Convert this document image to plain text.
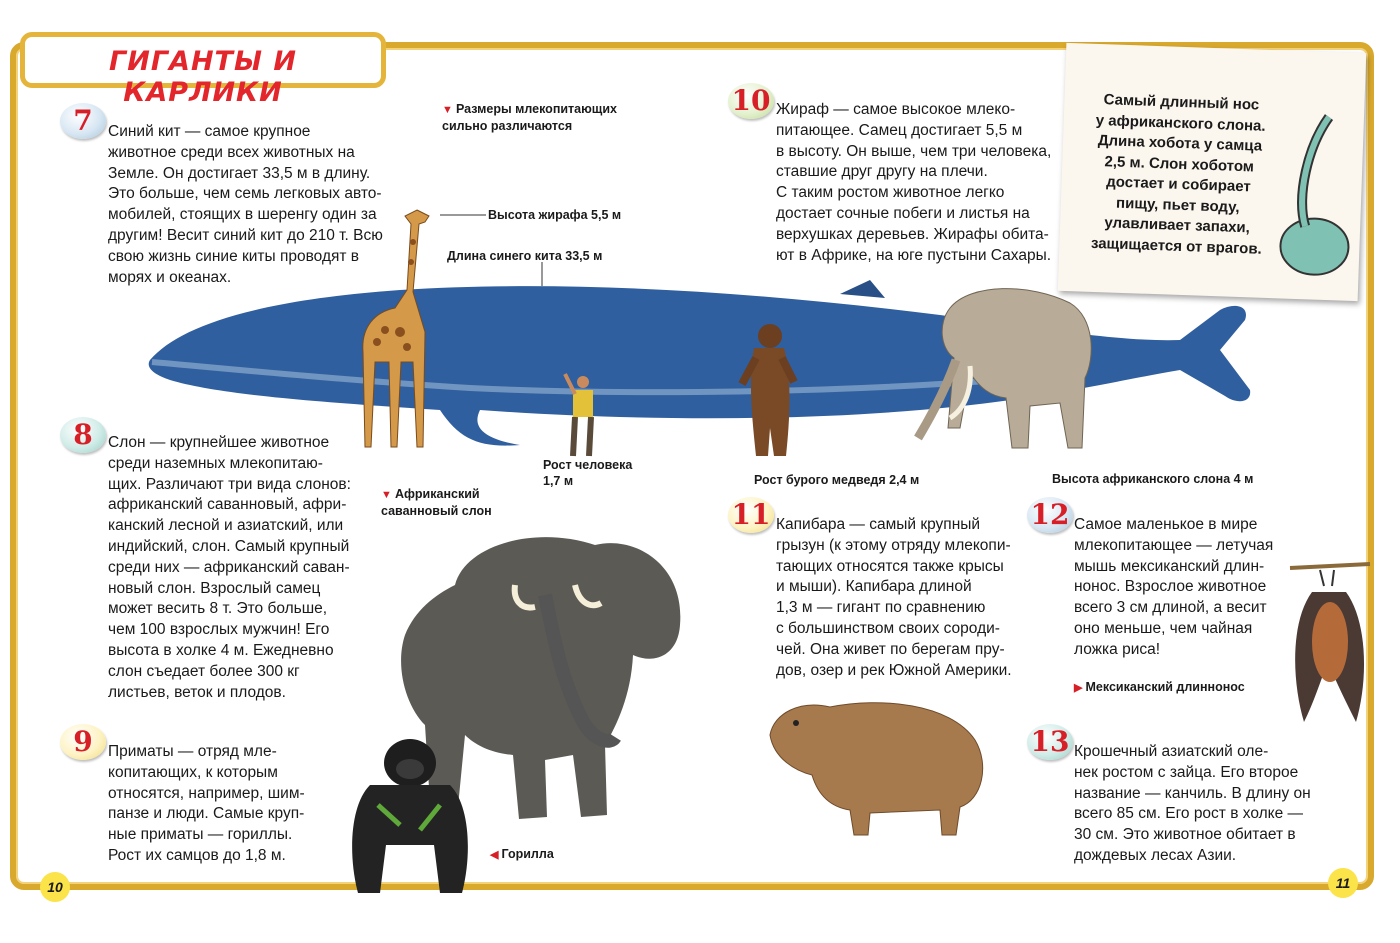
ГИГАНТЫ И КАРЛИКИ	Самый длинный нос
у африканского слона.
Длина хобота у самца
2,5 м. Слон хоботом
достает и собирает
пищу, пьет воду,
улавливает запахи,
защищается от врагов.
7
8
9
10
11	12
13
Синий кит — самое крупное
животное среди всех животных на
Земле. Он достигает 33,5 м в длину.
Это больше, чем семь легковых авто-
мобилей, стоящих в шеренгу один за
другим! Весит синий кит до 210 т. Всю
свою жизнь синие киты проводят в
морях и океанах.
Слон — крупнейшее животное
среди наземных млекопитаю-
щих. Различают три вида слонов:
африканский саванновый, афри-
канский лесной и азиатский, или
индийский, слон. Самый крупный
среди них — африканский саван-
новый слон. Взрослый самец
может весить 8 т. Это больше,
чем 100 взрослых мужчин! Его
высота в холке 4 м. Ежедневно
слон съедает более 300 кг
листьев, веток и плодов.
Приматы — отряд мле-
копитающих, к которым
относятся, например, шим-
панзе и люди. Самые круп-
ные приматы — гориллы.
Рост их самцов до 1,8 м.
Жираф — самое высокое млеко-
питающее. Самец достигает 5,5 м
в высоту. Он выше, чем три человека,
ставшие друг другу на плечи.
С таким ростом животное легко
достает сочные побеги и листья на
верхушках деревьев. Жирафы обита-
ют в Африке, на юге пустыни Сахары.
Капибара — самый крупный
грызун (к этому отряду млекопи-
тающих относятся также крысы
и мыши). Капибара длиной
1,3 м — гигант по сравнению
с большинством своих сороди-
чей. Она живет по берегам пру-
дов, озер и рек Южной Америки.
Самое маленькое в мире
млекопитающее — летучая
мышь мексиканский длин-
нонос. Взрослое животное
всего 3 см длиной, а весит
оно меньше, чем чайная
ложка риса!
Крошечный азиатский оле-
нек ростом с зайца. Его второе
название — канчиль. В длину он
всего 85 см. Его рост в холке —
30 см. Это животное обитает в
дождевых лесах Азии.
▼ Размеры млекопитающих
сильно различаются
Высота жирафа 5,5 м
Длина синего кита 33,5 м
Рост человека
1,7 м	Рост бурого медведя 2,4 м	Высота африканского слона 4 м
▼ Африканский
саванновый слон
◀ Горилла
▶ Мексиканский длиннонос
10	11
